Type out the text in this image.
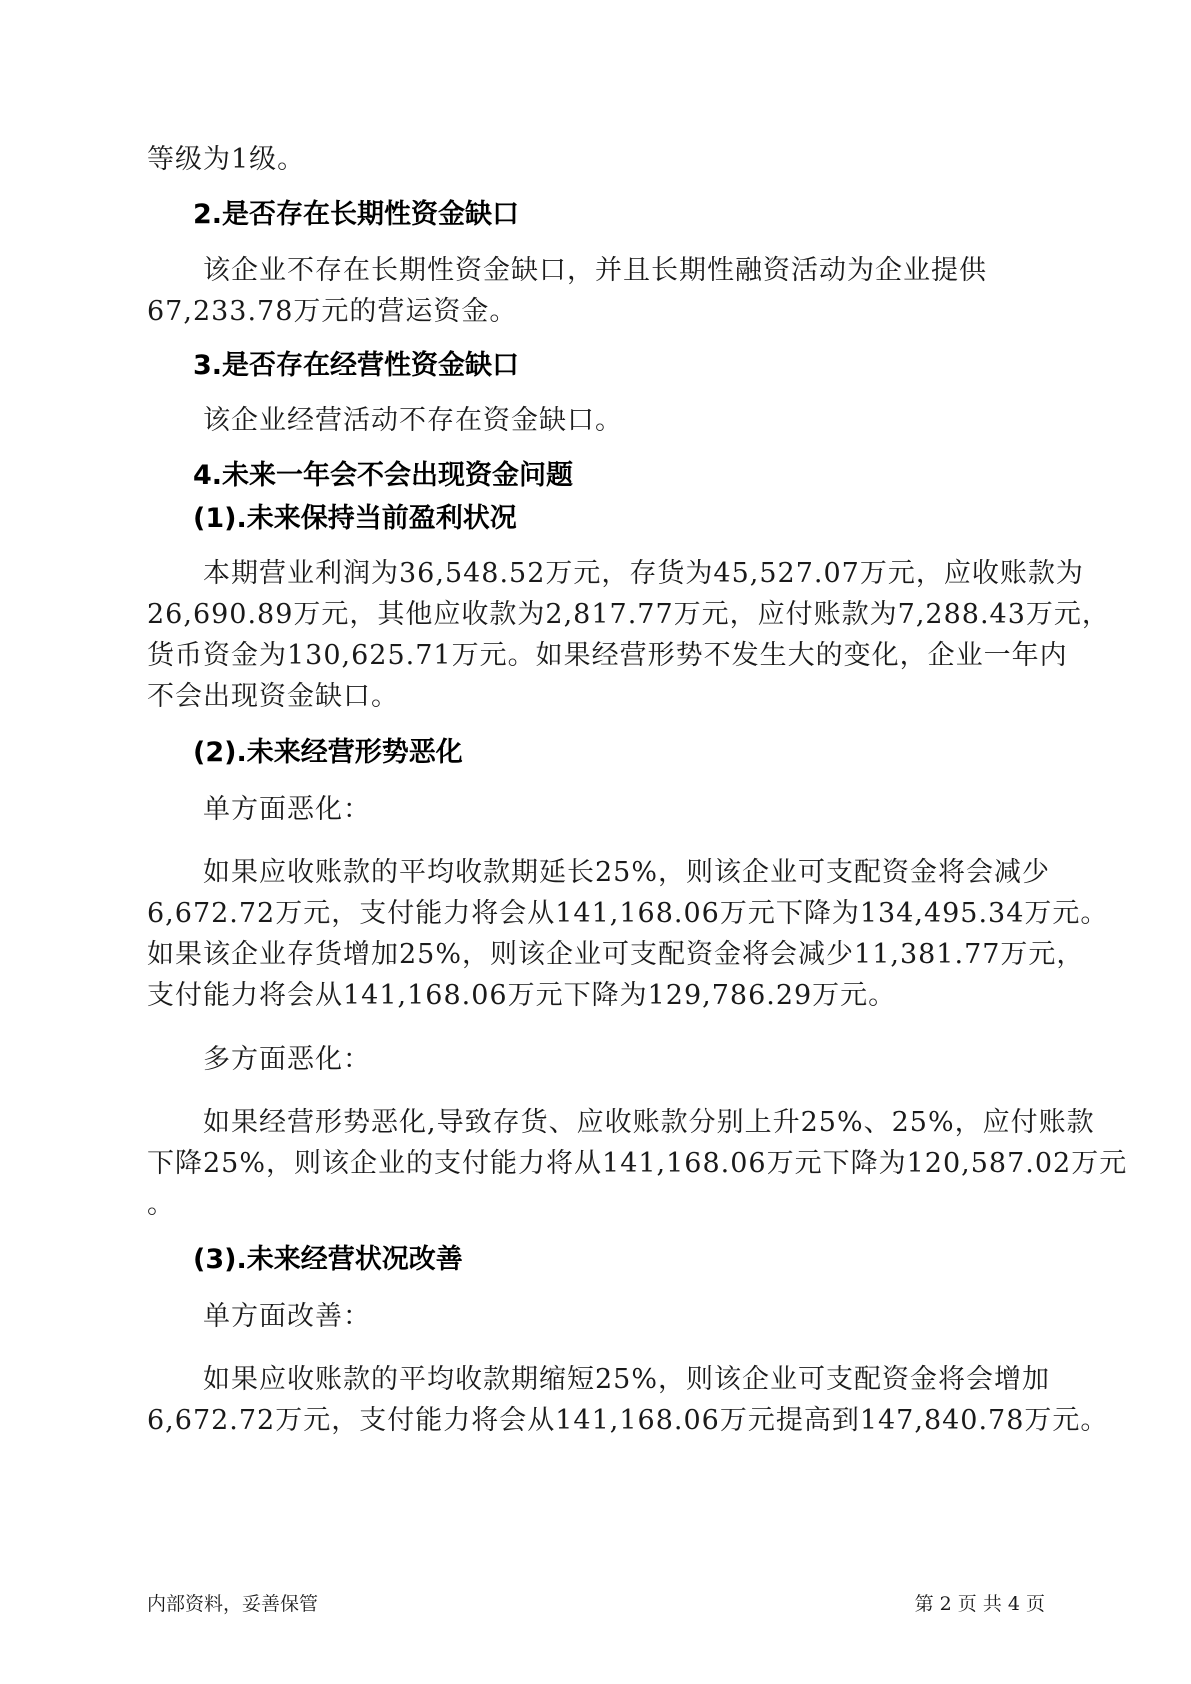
等级为1级。
2.是否存在长期性资金缺口
该企业不存在长期性资金缺口，并且长期性融资活动为企业提供
67,233.78万元的营运资金。
3.是否存在经营性资金缺口
该企业经营活动不存在资金缺口。
4.未来一年会不会出现资金问题
(1).未来保持当前盈利状况
本期营业利润为36,548.52万元，存货为45,527.07万元，应收账款为
26,690.89万元，其他应收款为2,817.77万元，应付账款为7,288.43万元，
货币资金为130,625.71万元。如果经营形势不发生大的变化，企业一年内
不会出现资金缺口。
(2).未来经营形势恶化
单方面恶化：
如果应收账款的平均收款期延长25%，则该企业可支配资金将会减少
6,672.72万元，支付能力将会从141,168.06万元下降为134,495.34万元。
如果该企业存货增加25%，则该企业可支配资金将会减少11,381.77万元，
支付能力将会从141,168.06万元下降为129,786.29万元。
多方面恶化：
如果经营形势恶化,导致存货、应收账款分别上升25%、25%，应付账款
下降25%，则该企业的支付能力将从141,168.06万元下降为120,587.02万元
。
(3).未来经营状况改善
单方面改善：
如果应收账款的平均收款期缩短25%，则该企业可支配资金将会增加
6,672.72万元，支付能力将会从141,168.06万元提高到147,840.78万元。
内部资料，妥善保管	第 2 页 共 4 页
